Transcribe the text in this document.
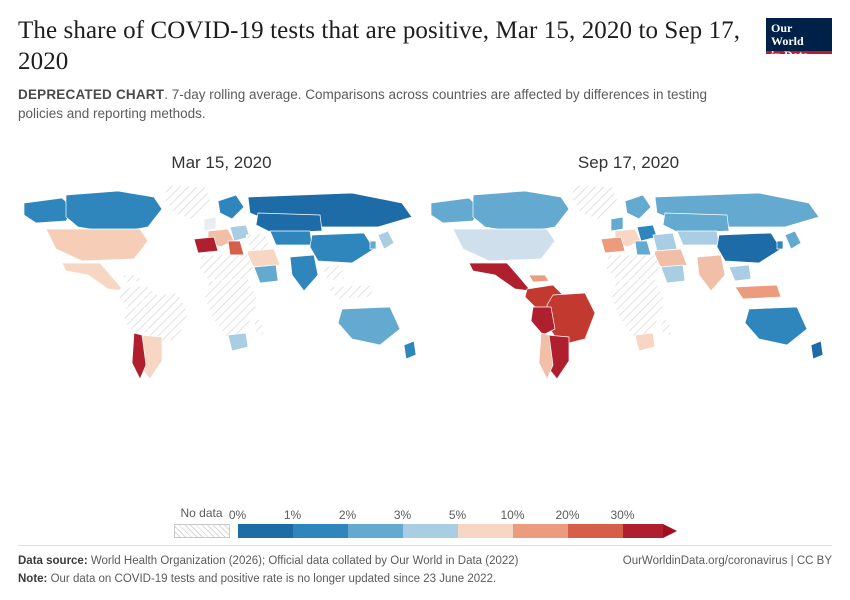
The share of COVID-19 tests that are positive, Mar 15, 2020 to Sep 17, 2020

DEPRECATED CHART. 7-day rolling average. Comparisons across countries are affected by differences in testing policies and reporting methods.

Our World
in Data
Mar 15, 2020	Sep 17, 2020
No data 0%	1%	2%	3%	5%	10%	20%	30%
Data source: World Health Organization (2026); Official data collated by Our World in Data (2022)	OurWorldinData.org/coronavirus | CC BY
Note: Our data on COVID-19 tests and positive rate is no longer updated since 23 June 2022.
